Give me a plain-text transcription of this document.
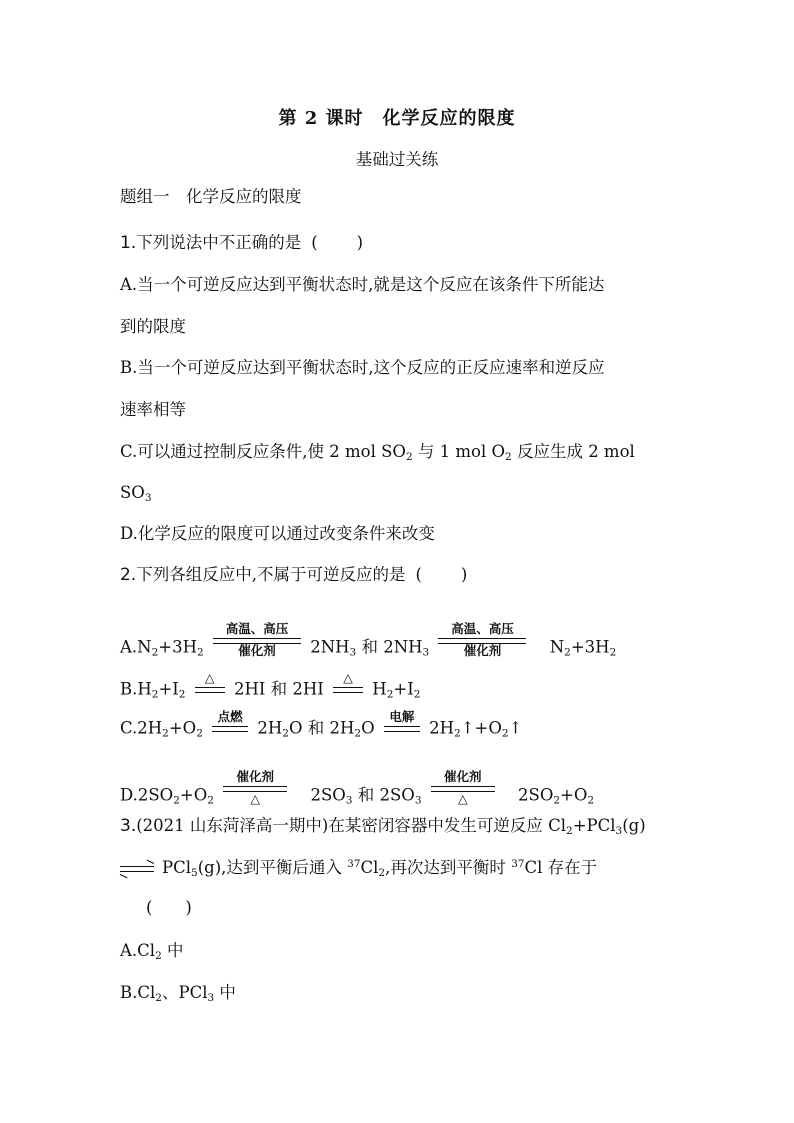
第 2 课时　化学反应的限度
基础过关练
题组一　化学反应的限度
1.下列说法中不正确的是 (　　)
A.当一个可逆反应达到平衡状态时,就是这个反应在该条件下所能达
到的限度
B.当一个可逆反应达到平衡状态时,这个反应的正反应速率和逆反应
速率相等
C.可以通过控制反应条件,使 2 mol $SO_2$ 与 1 mol $O_2$ 反应生成 2 mol
$SO_3$
D.化学反应的限度可以通过改变条件来改变
2.下列各组反应中,不属于可逆反应的是 (　　)
$A.N_2+3H_2$
高温、高压
催化剂	$2NH_3$ 和 $2NH_3$
高温、高压
催化剂	$N_2+3H_2$
$B.H_2+I_2$
△
2HI 和 2HI
△
$H_2+I_2$
$C.2H_2+O_2$
点燃
$2H_2O$ 和 $2H_2O$
电解
$2H_2↑+O_2↑$
$D.2SO_2+O_2$
催化剂
△	$2SO_3$ 和 $2SO_3$
催化剂
△	$2SO_2+O_2$
3.(2021 山东菏泽高一期中)在某密闭容器中发生可逆反应 $Cl_2+PCl_3(g)$
⇌ PCl$_5$(g),达到平衡后通入 $^{37}Cl_2$,再次达到平衡时 $^{37}$Cl 存在于
(　　)
$A.Cl_2$ 中
$B.Cl_2$、PCl$_3$ 中
